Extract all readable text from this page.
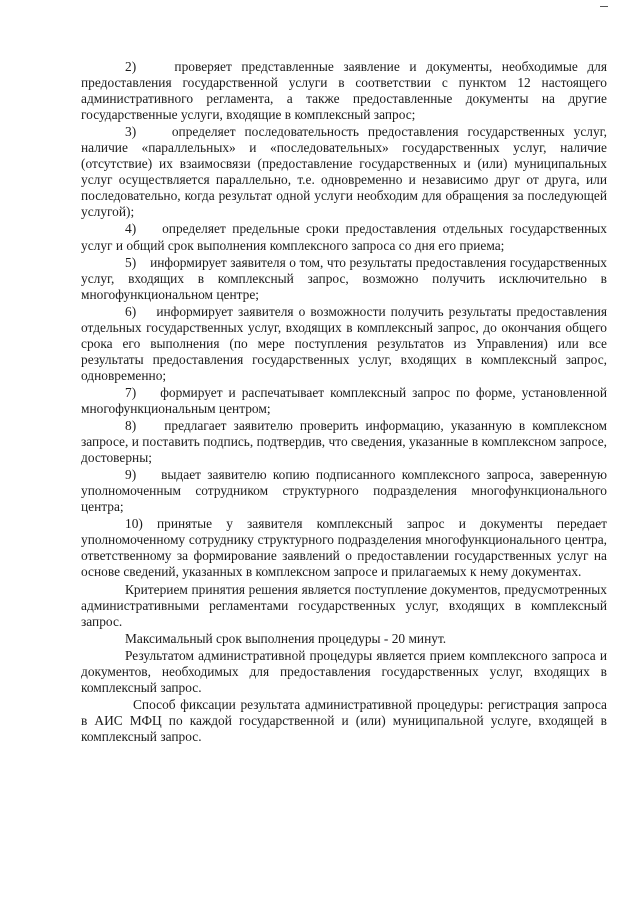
2)    проверяет представленные заявление и документы, необходимые для предоставления государственной услуги в соответствии с пунктом 12 настоящего административного регламента, а также предоставленные документы на другие государственные услуги, входящие в комплексный запрос;

3)    определяет последовательность предоставления государственных услуг, наличие «параллельных» и «последовательных» государственных услуг, наличие (отсутствие) их взаимосвязи (предоставление государственных и (или) муниципальных услуг осуществляется параллельно, т.е. одновременно и независимо друг от друга, или последовательно, когда результат одной услуги необходим для обращения за последующей услугой);

4)    определяет предельные сроки предоставления отдельных государственных услуг и общий срок выполнения комплексного запроса со дня его приема;

5)    информирует заявителя о том, что результаты предоставления государственных услуг, входящих в комплексный запрос, возможно получить исключительно в многофункциональном центре;

6)    информирует заявителя о возможности получить результаты предоставления отдельных государственных услуг, входящих в комплексный запрос, до окончания общего срока его выполнения (по мере поступления результатов из Управления) или все результаты предоставления государственных услуг, входящих в комплексный запрос, одновременно;

7)    формирует и распечатывает комплексный запрос по форме, установленной многофункциональным центром;

8)    предлагает заявителю проверить информацию, указанную в комплексном запросе, и поставить подпись, подтвердив, что сведения, указанные в комплексном запросе, достоверны;

9)    выдает заявителю копию подписанного комплексного запроса, заверенную уполномоченным сотрудником структурного подразделения многофункционального центра;

10) принятые у заявителя комплексный запрос и документы передает уполномоченному сотруднику структурного подразделения многофункционального центра, ответственному за формирование заявлений о предоставлении государственных услуг на основе сведений, указанных в комплексном запросе и прилагаемых к нему документах.

Критерием принятия решения является поступление документов, предусмотренных административными регламентами государственных услуг, входящих в комплексный запрос.

Максимальный срок выполнения процедуры - 20 минут.

Результатом административной процедуры является прием комплексного запроса и документов, необходимых для предоставления государственных услуг, входящих в комплексный запрос.

Способ фиксации результата административной процедуры: регистрация запроса в АИС МФЦ по каждой государственной и (или) муниципальной услуге, входящей в комплексный запрос.
